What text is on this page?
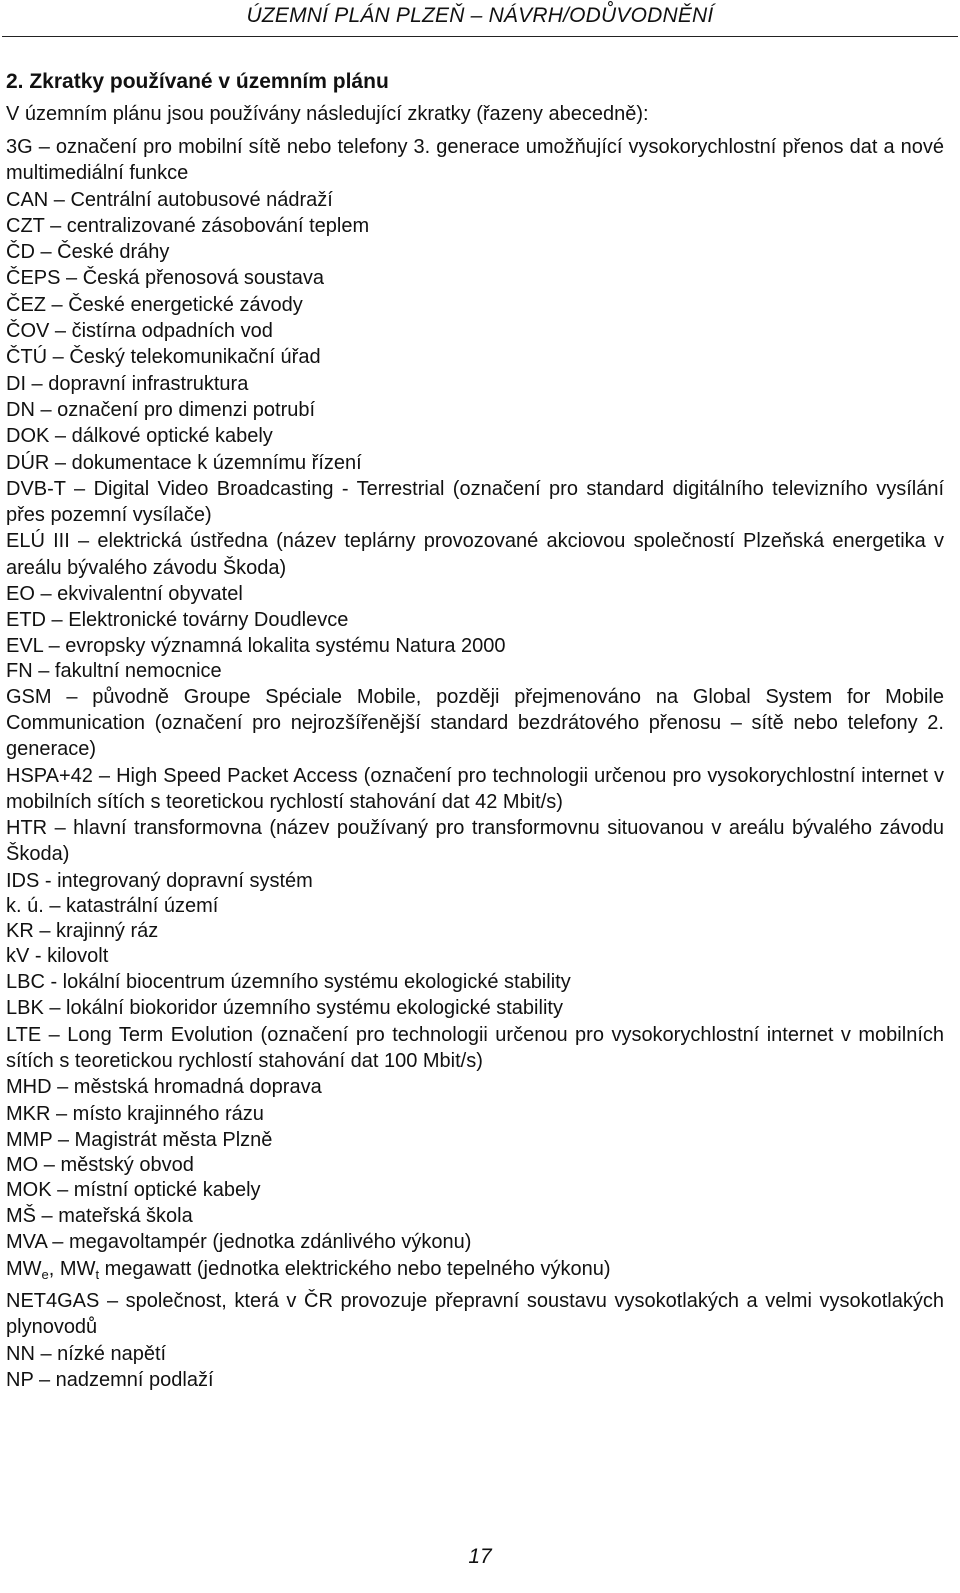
ÚZEMNÍ PLÁN PLZEŇ – NÁVRH/ODŮVODNĚNÍ
2. Zkratky používané v územním plánu
V územním plánu jsou používány následující zkratky (řazeny abecedně):
3G – označení pro mobilní sítě nebo telefony 3. generace umožňující vysokorychlostní přenos dat a nové multimediální funkce
CAN – Centrální autobusové nádraží
CZT – centralizované zásobování teplem
ČD – České dráhy
ČEPS – Česká přenosová soustava
ČEZ – České energetické závody
ČOV – čistírna odpadních vod
ČTÚ – Český telekomunikační úřad
DI – dopravní infrastruktura
DN – označení pro dimenzi potrubí
DOK – dálkové optické kabely
DÚR – dokumentace k územnímu řízení
DVB-T – Digital Video Broadcasting - Terrestrial (označení pro standard digitálního televizního vysílání přes pozemní vysílače)
ELÚ III – elektrická ústředna (název teplárny provozované akciovou společností Plzeňská energetika v areálu bývalého závodu Škoda)
EO – ekvivalentní obyvatel
ETD – Elektronické továrny Doudlevce
EVL – evropsky významná lokalita systému Natura 2000
FN – fakultní nemocnice
GSM – původně Groupe Spéciale Mobile, později přejmenováno na Global System for Mobile Communication (označení pro nejrozšířenější standard bezdrátového přenosu – sítě nebo telefony 2. generace)
HSPA+42 – High Speed Packet Access (označení pro technologii určenou pro vysokorychlostní internet v mobilních sítích s teoretickou rychlostí stahování dat 42 Mbit/s)
HTR – hlavní transformovna (název používaný pro transformovnu situovanou v areálu bývalého závodu Škoda)
IDS - integrovaný dopravní systém
k. ú. – katastrální území
KR – krajinný ráz
kV - kilovolt
LBC - lokální biocentrum územního systému ekologické stability
LBK – lokální biokoridor územního systému ekologické stability
LTE – Long Term Evolution (označení pro technologii určenou pro vysokorychlostní internet v mobilních sítích s teoretickou rychlostí stahování dat 100 Mbit/s)
MHD – městská hromadná doprava
MKR – místo krajinného rázu
MMP – Magistrát města Plzně
MO – městský obvod
MOK – místní optické kabely
MŠ – mateřská škola
MVA – megavoltampér (jednotka zdánlivého výkonu)
$MW_e$, $MW_t$ megawatt (jednotka elektrického nebo tepelného výkonu)
NET4GAS – společnost, která v ČR provozuje přepravní soustavu vysokotlakých a velmi vysokotlakých plynovodů
NN – nízké napětí
NP – nadzemní podlaží
17
